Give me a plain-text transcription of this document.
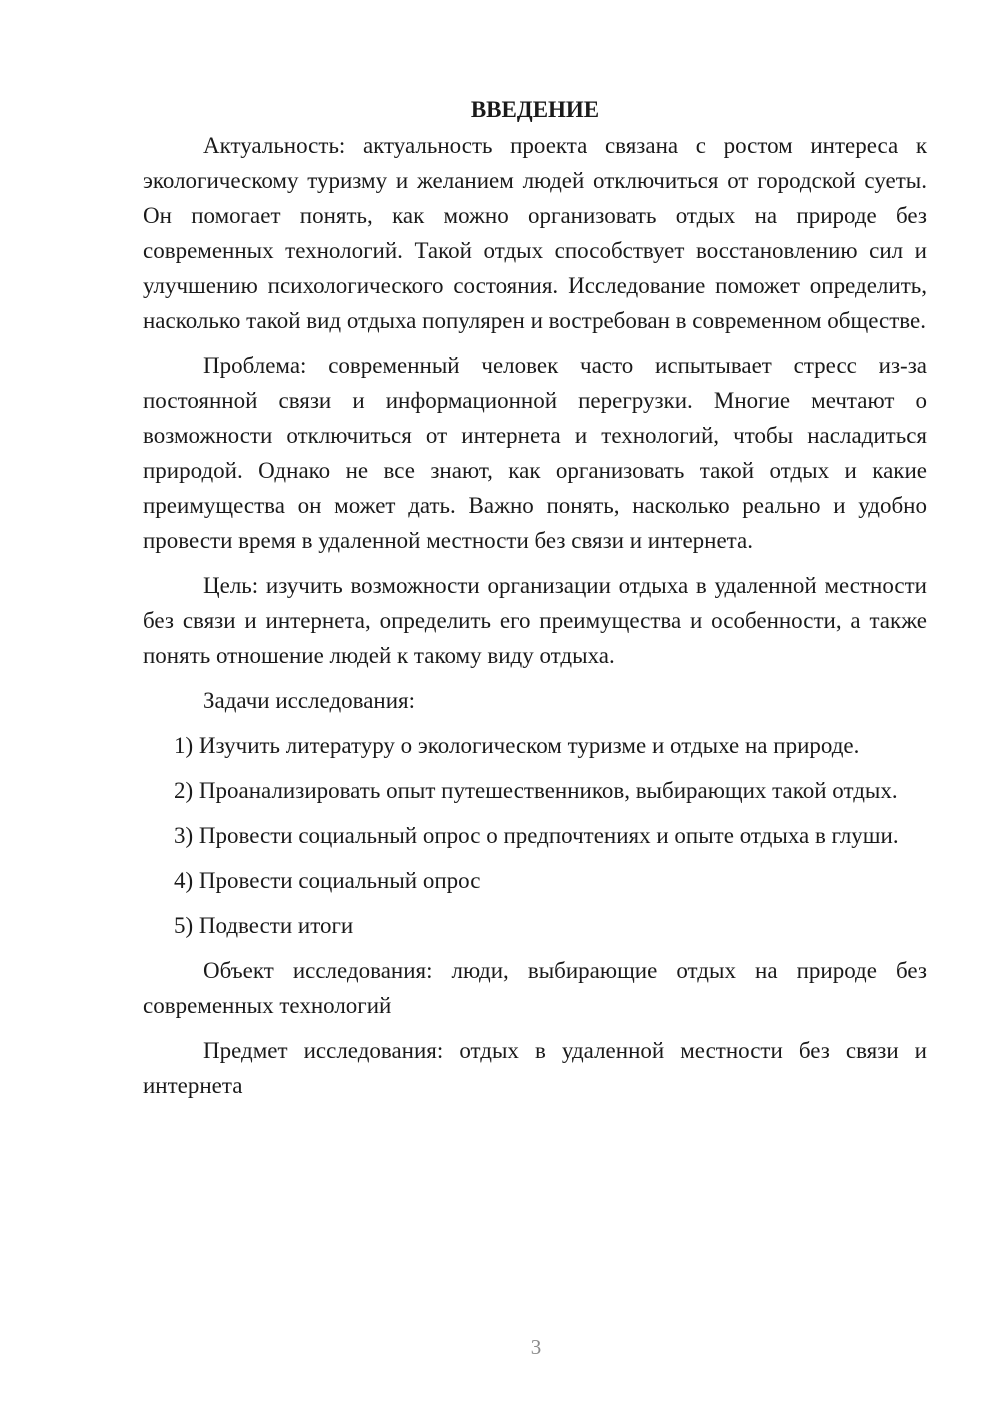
ВВЕДЕНИЕ

Актуальность: актуальность проекта связана с ростом интереса к экологическому туризму и желанием людей отключиться от городской суеты. Он помогает понять, как можно организовать отдых на природе без современных технологий. Такой отдых способствует восстановлению сил и улучшению психологического состояния. Исследование поможет определить, насколько такой вид отдыха популярен и востребован в современном обществе.

Проблема: современный человек часто испытывает стресс из-за постоянной связи и информационной перегрузки. Многие мечтают о возможности отключиться от интернета и технологий, чтобы насладиться природой. Однако не все знают, как организовать такой отдых и какие преимущества он может дать. Важно понять, насколько реально и удобно провести время в удаленной местности без связи и интернета.

Цель: изучить возможности организации отдыха в удаленной местности без связи и интернета, определить его преимущества и особенности, а также понять отношение людей к такому виду отдыха.

Задачи исследования:

1) Изучить литературу о экологическом туризме и отдыхе на природе.

2) Проанализировать опыт путешественников, выбирающих такой отдых.

3) Провести социальный опрос о предпочтениях и опыте отдыха в глуши.

4) Провести социальный опрос

5) Подвести итоги

Объект исследования: люди, выбирающие отдых на природе без современных технологий

Предмет исследования: отдых в удаленной местности без связи и интернета

3
